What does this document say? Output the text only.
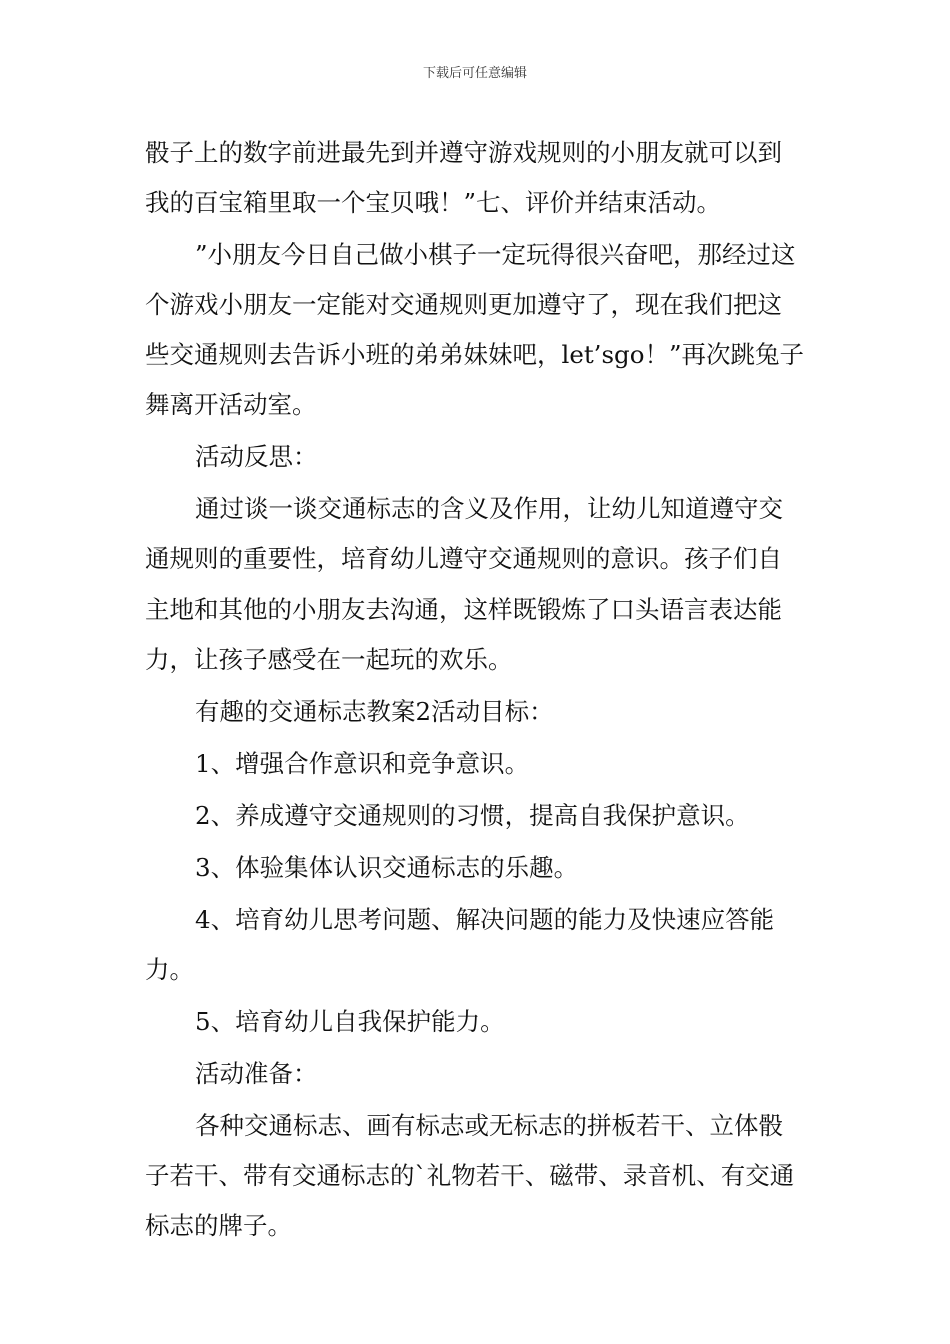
下载后可任意编辑

骰子上的数字前进最先到并遵守游戏规则的小朋友就可以到我的百宝箱里取一个宝贝哦！”七、评价并结束活动。

”小朋友今日自己做小棋子一定玩得很兴奋吧，那经过这个游戏小朋友一定能对交通规则更加遵守了，现在我们把这些交通规则去告诉小班的弟弟妹妹吧，let’sgo！”再次跳兔子舞离开活动室。

活动反思：

通过谈一谈交通标志的含义及作用，让幼儿知道遵守交通规则的重要性，培育幼儿遵守交通规则的意识。孩子们自主地和其他的小朋友去沟通，这样既锻炼了口头语言表达能力，让孩子感受在一起玩的欢乐。

有趣的交通标志教案2活动目标：

1、增强合作意识和竞争意识。

2、养成遵守交通规则的习惯，提高自我保护意识。

3、体验集体认识交通标志的乐趣。

4、培育幼儿思考问题、解决问题的能力及快速应答能力。

5、培育幼儿自我保护能力。

活动准备：

各种交通标志、画有标志或无标志的拼板若干、立体骰子若干、带有交通标志的`礼物若干、磁带、录音机、有交通标志的牌子。
